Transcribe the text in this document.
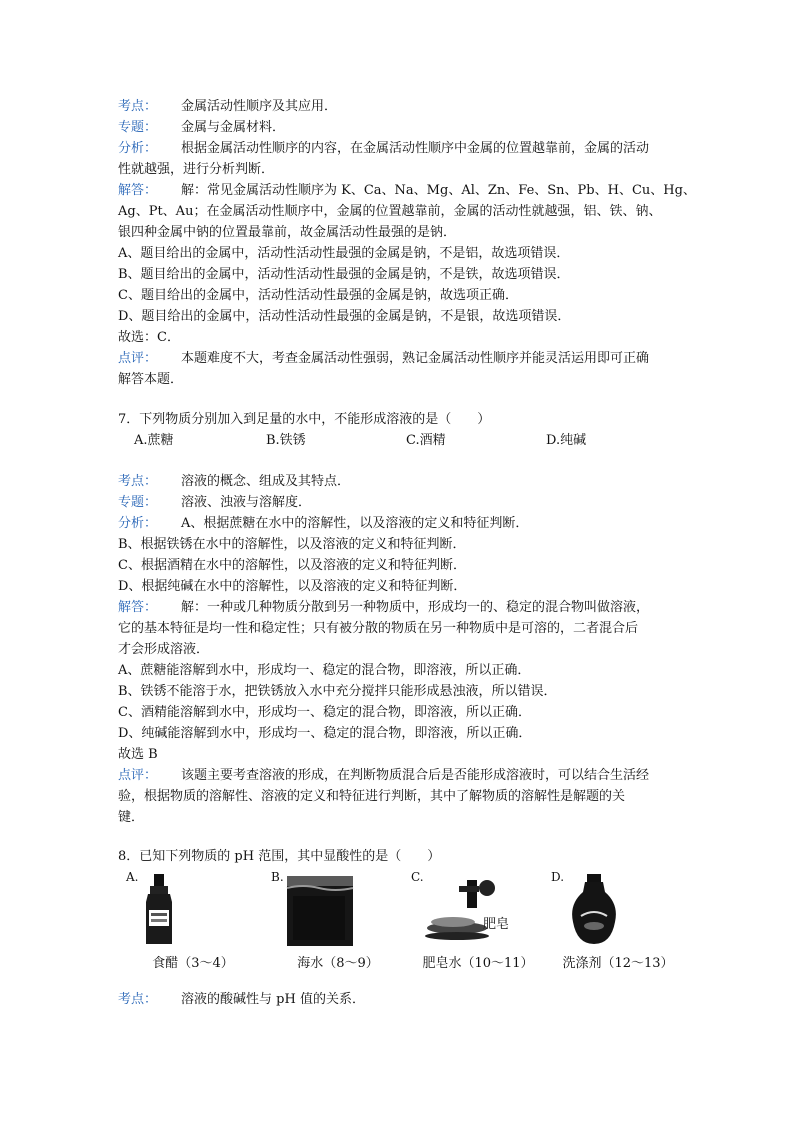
考点： 金属活动性顺序及其应用．
专题： 金属与金属材料．
分析： 根据金属活动性顺序的内容，在金属活动性顺序中金属的位置越靠前，金属的活动
性就越强，进行分析判断．
解答： 解：常见金属活动性顺序为 K、Ca、Na、Mg、Al、Zn、Fe、Sn、Pb、H、Cu、Hg、
Ag、Pt、Au；在金属活动性顺序中，金属的位置越靠前，金属的活动性就越强，铝、铁、钠、
银四种金属中钠的位置最靠前，故金属活动性最强的是钠．
A、题目给出的金属中，活动性活动性最强的金属是钠，不是铝，故选项错误．
B、题目给出的金属中，活动性活动性最强的金属是钠，不是铁，故选项错误．
C、题目给出的金属中，活动性活动性最强的金属是钠，故选项正确．
D、题目给出的金属中，活动性活动性最强的金属是钠，不是银，故选项错误．
故选：C．
点评： 本题难度不大，考查金属活动性强弱，熟记金属活动性顺序并能灵活运用即可正确
解答本题．
7．下列物质分别加入到足量的水中，不能形成溶液的是（　　）
A.蔗糖	B.铁锈	C.酒精	D.纯碱
考点： 溶液的概念、组成及其特点．
专题： 溶液、浊液与溶解度．
分析： A、根据蔗糖在水中的溶解性，以及溶液的定义和特征判断．
B、根据铁锈在水中的溶解性，以及溶液的定义和特征判断．
C、根据酒精在水中的溶解性，以及溶液的定义和特征判断．
D、根据纯碱在水中的溶解性，以及溶液的定义和特征判断．
解答： 解：一种或几种物质分散到另一种物质中，形成均一的、稳定的混合物叫做溶液，
它的基本特征是均一性和稳定性；只有被分散的物质在另一种物质中是可溶的，二者混合后
才会形成溶液．
A、蔗糖能溶解到水中，形成均一、稳定的混合物，即溶液，所以正确．
B、铁锈不能溶于水，把铁锈放入水中充分搅拌只能形成悬浊液，所以错误．
C、酒精能溶解到水中，形成均一、稳定的混合物，即溶液，所以正确．
D、纯碱能溶解到水中，形成均一、稳定的混合物，即溶液，所以正确．
故选 B
点评： 该题主要考查溶液的形成，在判断物质混合后是否能形成溶液时，可以结合生活经
验，根据物质的溶解性、溶液的定义和特征进行判断，其中了解物质的溶解性是解题的关
键．
8．已知下列物质的 pH 范围，其中显酸性的是（　　）
A.
食醋（3～4）
B.
海水（8～9）
C.
肥皂
肥皂水（10～11）
D.
洗涤剂（12～13）
考点： 溶液的酸碱性与 pH 值的关系．
